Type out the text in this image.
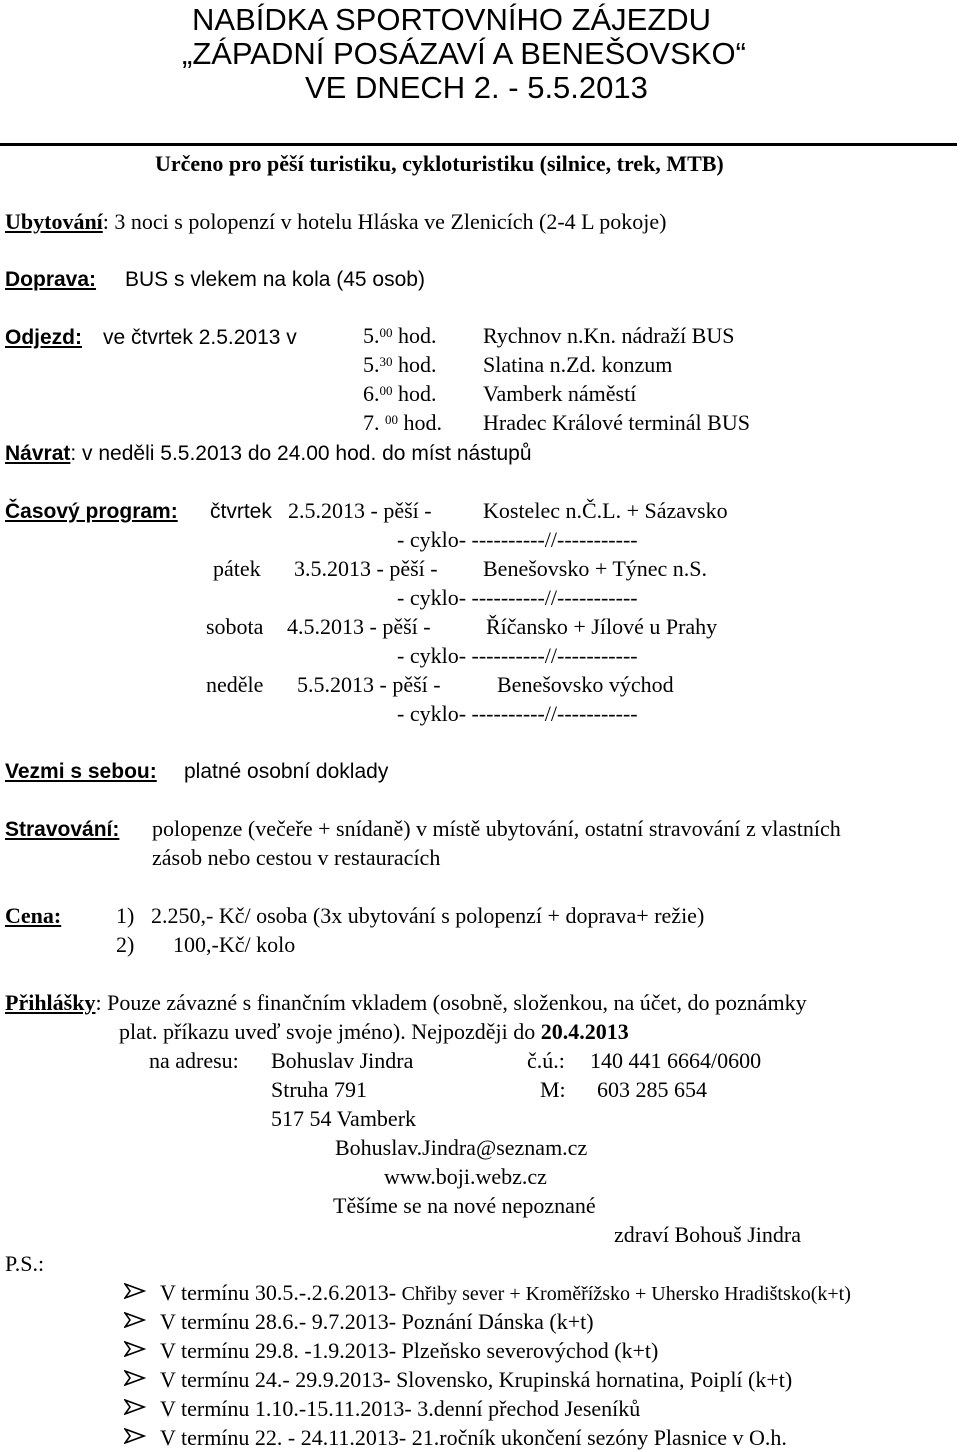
NABÍDKA SPORTOVNÍHO ZÁJEZDU
„ZÁPADNÍ POSÁZAVÍ A BENEŠOVSKO“
VE DNECH 2. - 5.5.2013
Určeno pro pěší turistiku, cykloturistiku (silnice, trek, MTB)
Ubytování: 3 noci s polopenzí v hotelu Hláska ve Zlenicích (2-4 L pokoje)
Doprava: BUS s vlekem na kola (45 osob)
Odjezd: ve čtvrtek 2.5.2013 v	5.00 hod. Rychnov n.Kn. nádraží BUS
5.30 hod. Slatina n.Zd. konzum
6.00 hod. Vamberk náměstí
7. $^{00}$ hod. Hradec Králové terminál BUS
Návrat: v neděli 5.5.2013 do 24.00 hod. do míst nástupů
Časový program: čtvrtek 2.5.2013 - pěší - Kostelec n.Č.L. + Sázavsko
- cyklo- ----------//-----------
pátek 3.5.2013 - pěší - Benešovsko + Týnec n.S.
- cyklo- ----------//-----------
sobota 4.5.2013 - pěší -	Říčansko + Jílové u Prahy
- cyklo- ----------//-----------
neděle 5.5.2013 - pěší -	Benešovsko východ
- cyklo- ----------//-----------
Vezmi s sebou: platné osobní doklady
Stravování: polopenze (večeře + snídaně) v místě ubytování, ostatní stravování z vlastních
zásob nebo cestou v restauracích
Cena: 1) 2.250,- Kč/ osoba (3x ubytování s polopenzí + doprava+ režie)
2) 100,-Kč/ kolo
Přihlášky: Pouze závazné s finančním vkladem (osobně, složenkou, na účet, do poznámky
plat. příkazu uveď svoje jméno). Nejpozději do 20.4.2013
na adresu: Bohuslav Jindra	č.ú.: 140 441 6664/0600
Struha 791	M: 603 285 654
517 54 Vamberk
Bohuslav.Jindra@seznam.cz
www.boji.webz.cz
Těšíme se na nové nepoznané
zdraví Bohouš Jindra
P.S.:
V termínu 30.5.-.2.6.2013- Chřiby sever + Kroměřížsko + Uhersko Hradištsko(k+t)
V termínu 28.6.- 9.7.2013- Poznání Dánska (k+t)
V termínu 29.8. -1.9.2013- Plzeňsko severovýchod (k+t)
V termínu 24.- 29.9.2013- Slovensko, Krupinská hornatina, Poiplí (k+t)
V termínu 1.10.-15.11.2013- 3.denní přechod Jeseníků
V termínu 22. - 24.11.2013- 21.ročník ukončení sezóny Plasnice v O.h.
